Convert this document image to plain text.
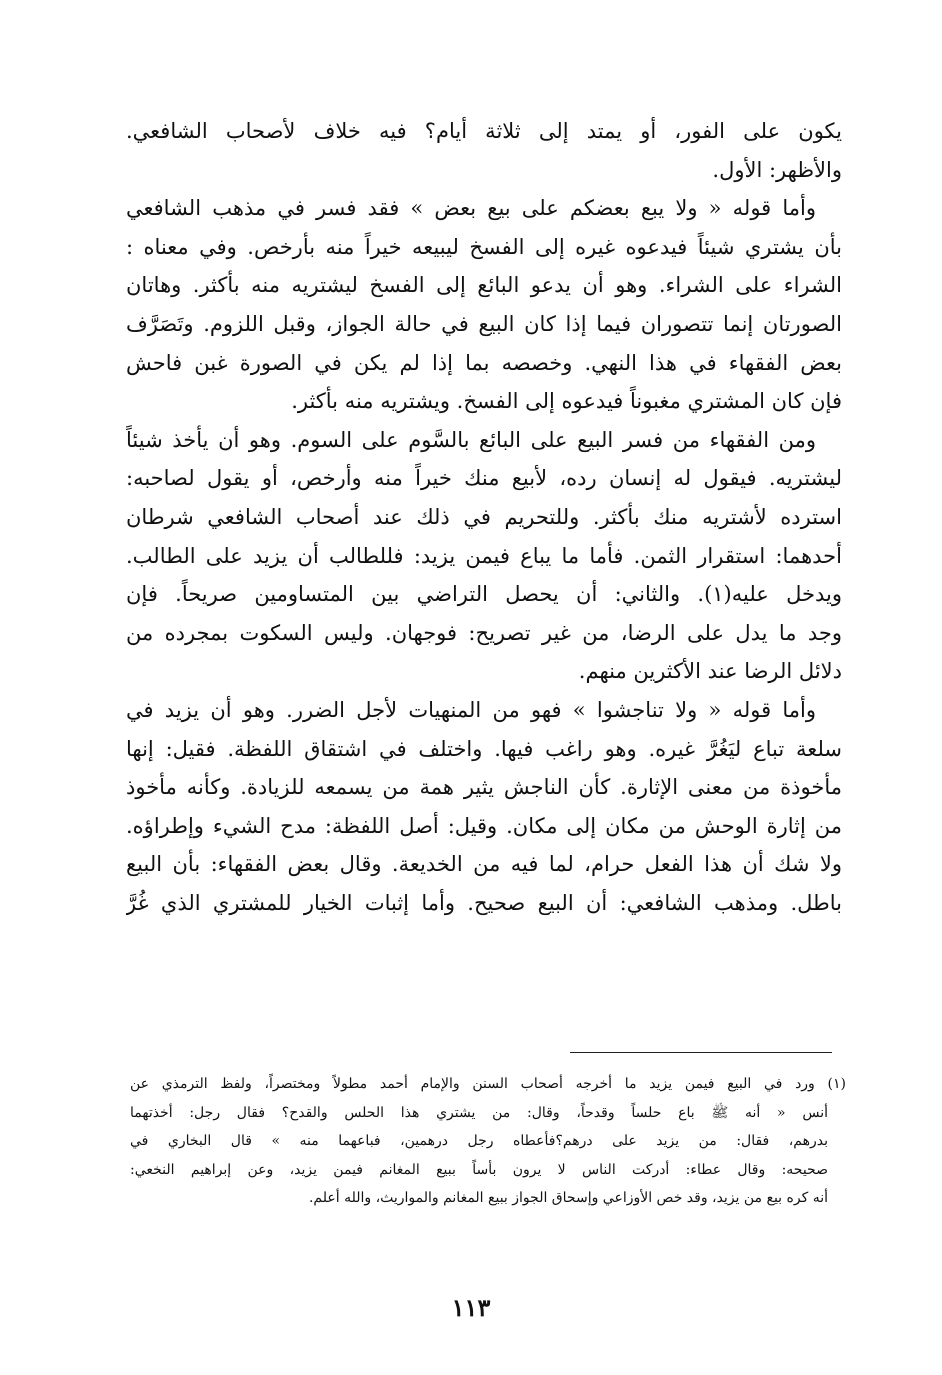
يكون على الفور، أو يمتد إلى ثلاثة أيام؟ فيه خلاف لأصحاب الشافعي.
والأظهر: الأول.
وأما قوله « ولا يبع بعضكم على بيع بعض » فقد فسر في مذهب الشافعي
بأن يشتري شيئاً فيدعوه غيره إلى الفسخ ليبيعه خيراً منه بأرخص. وفي معناه :
الشراء على الشراء. وهو أن يدعو البائع إلى الفسخ ليشتريه منه بأكثر. وهاتان
الصورتان إنما تتصوران فيما إذا كان البيع في حالة الجواز، وقبل اللزوم. وتَصَرَّف
بعض الفقهاء في هذا النهي. وخصصه بما إذا لم يكن في الصورة غبن فاحش
فإن كان المشتري مغبوناً فيدعوه إلى الفسخ. ويشتريه منه بأكثر.
ومن الفقهاء من فسر البيع على البائع بالسَّوم على السوم. وهو أن يأخذ شيئاً
ليشتريه. فيقول له إنسان رده، لأبيع منك خيراً منه وأرخص، أو يقول لصاحبه:
استرده لأشتريه منك بأكثر. وللتحريم في ذلك عند أصحاب الشافعي شرطان
أحدهما: استقرار الثمن. فأما ما يباع فيمن يزيد: فللطالب أن يزيد على الطالب.
ويدخل عليه(١). والثاني: أن يحصل التراضي بين المتساومين صريحاً. فإن
وجد ما يدل على الرضا، من غير تصريح: فوجهان. وليس السكوت بمجرده من
دلائل الرضا عند الأكثرين منهم.
وأما قوله « ولا تناجشوا » فهو من المنهيات لأجل الضرر. وهو أن يزيد في
سلعة تباع ليَغُرَّ غيره. وهو راغب فيها. واختلف في اشتقاق اللفظة. فقيل: إنها
مأخوذة من معنى الإثارة. كأن الناجش يثير همة من يسمعه للزيادة. وكأنه مأخوذ
من إثارة الوحش من مكان إلى مكان. وقيل: أصل اللفظة: مدح الشيء وإطراؤه.
ولا شك أن هذا الفعل حرام، لما فيه من الخديعة. وقال بعض الفقهاء: بأن البيع
باطل. ومذهب الشافعي: أن البيع صحيح. وأما إثبات الخيار للمشتري الذي غُرَّ
(١) ورد في البيع فيمن يزيد ما أخرجه أصحاب السنن والإمام أحمد مطولاً ومختصراً، ولفظ الترمذي عن
أنس « أنه ﷺ باع حلساً وقدحاً، وقال: من يشتري هذا الحلس والقدح؟ فقال رجل: أخذتهما
بدرهم، فقال: من يزيد على درهم؟فأعطاه رجل درهمين، فباعهما منه » قال البخاري في
صحيحه: وقال عطاء: أدركت الناس لا يرون بأساً ببيع المغانم فيمن يزيد، وعن إبراهيم النخعي:
أنه كره بيع من يزيد، وقد خص الأوزاعي وإسحاق الجواز ببيع المغانم والمواريث، والله أعلم.
١١٣
